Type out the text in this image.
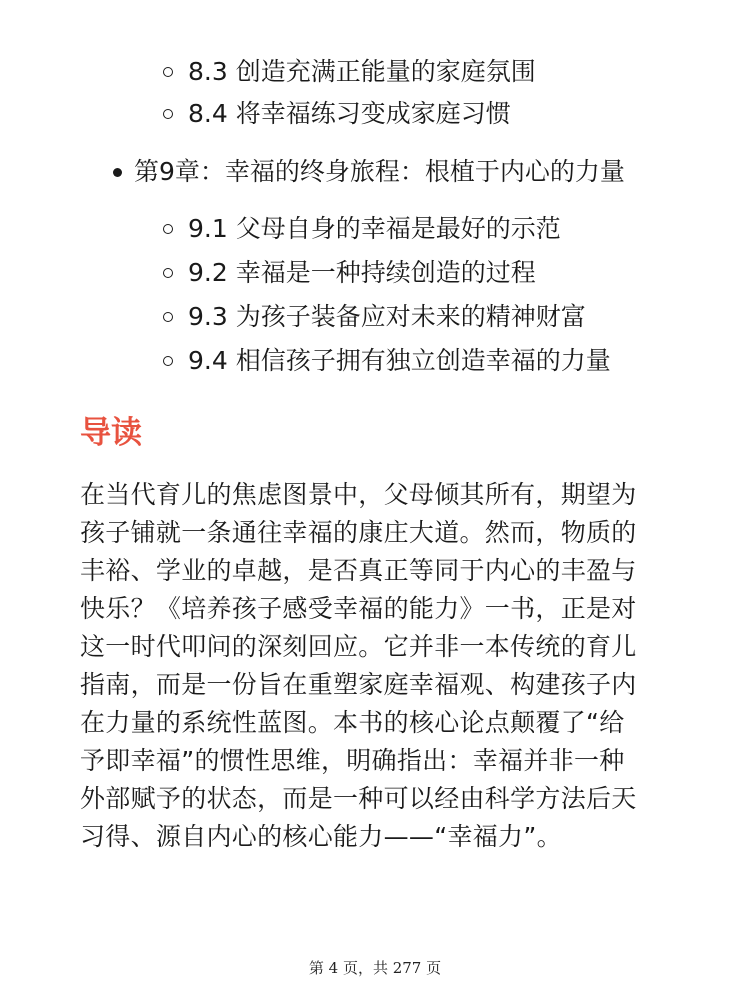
8.3 创造充满正能量的家庭氛围
8.4 将幸福练习变成家庭习惯
第9章：幸福的终身旅程：根植于内心的力量
9.1 父母自身的幸福是最好的示范
9.2 幸福是一种持续创造的过程
9.3 为孩子装备应对未来的精神财富
9.4 相信孩子拥有独立创造幸福的力量
导读
在当代育儿的焦虑图景中，父母倾其所有，期望为
孩子铺就一条通往幸福的康庄大道。然而，物质的
丰裕、学业的卓越，是否真正等同于内心的丰盈与
快乐？《培养孩子感受幸福的能力》一书，正是对
这一时代叩问的深刻回应。它并非一本传统的育儿
指南，而是一份旨在重塑家庭幸福观、构建孩子内
在力量的系统性蓝图。本书的核心论点颠覆了“给
予即幸福”的惯性思维，明确指出：幸福并非一种
外部赋予的状态，而是一种可以经由科学方法后天
习得、源自内心的核心能力——“幸福力”。
第 4 页，共 277 页
